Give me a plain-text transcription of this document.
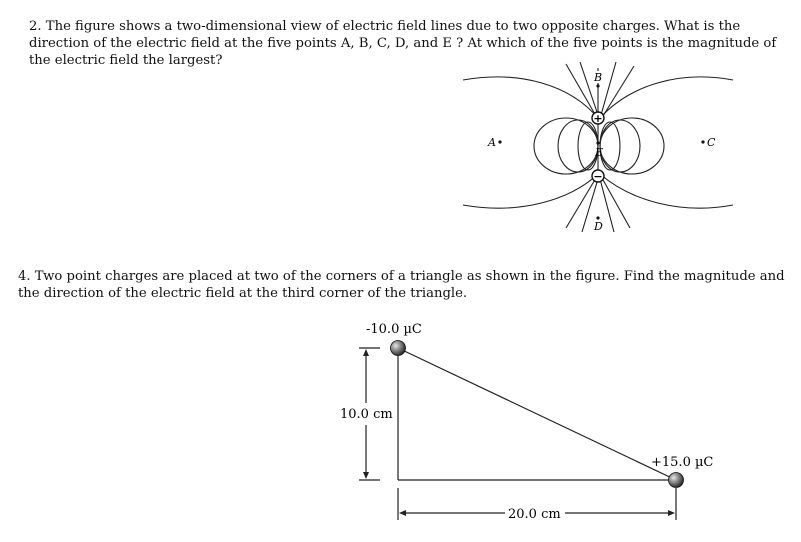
2. The figure shows a two-dimensional view of electric field lines due to two opposite charges. What is the direction of the electric field at the five points A, B, C, D, and E ? At which of the five points is the magnitude of the electric field the largest?
+
−
A
B
C
D
E
4. Two point charges are placed at two of the corners of a triangle as shown in the figure. Find the magnitude and the direction of the electric field at the third corner of the triangle.
-10.0 µC
+15.0 µC
10.0 cm
20.0 cm
